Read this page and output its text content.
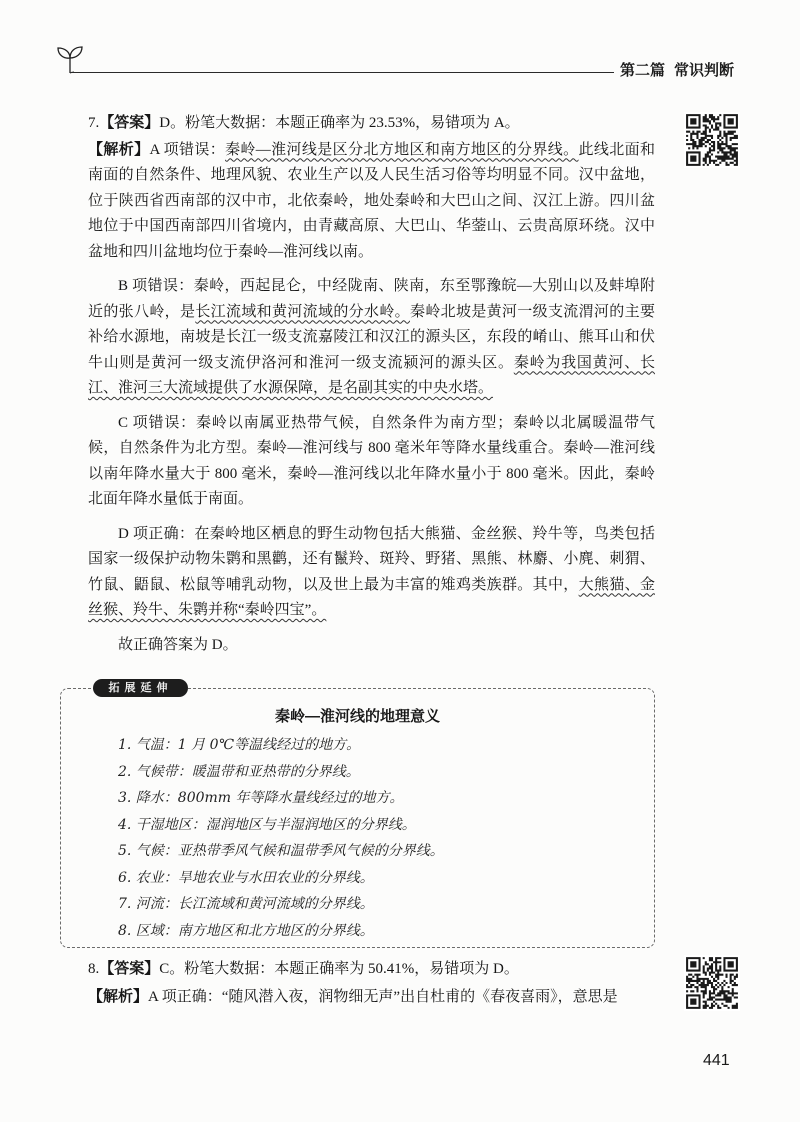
第二篇 常识判断

7.【答案】D。粉笔大数据：本题正确率为 23.53%，易错项为 A。

【解析】A 项错误：秦岭—淮河线是区分北方地区和南方地区的分界线。此线北面和南面的自然条件、地理风貌、农业生产以及人民生活习俗等均明显不同。汉中盆地，位于陕西省西南部的汉中市，北依秦岭，地处秦岭和大巴山之间、汉江上游。四川盆地位于中国西南部四川省境内，由青藏高原、大巴山、华蓥山、云贵高原环绕。汉中盆地和四川盆地均位于秦岭—淮河线以南。

B 项错误：秦岭，西起昆仑，中经陇南、陕南，东至鄂豫皖—大别山以及蚌埠附近的张八岭，是长江流域和黄河流域的分水岭。秦岭北坡是黄河一级支流渭河的主要补给水源地，南坡是长江一级支流嘉陵江和汉江的源头区，东段的崤山、熊耳山和伏牛山则是黄河一级支流伊洛河和淮河一级支流颍河的源头区。秦岭为我国黄河、长江、淮河三大流域提供了水源保障，是名副其实的中央水塔。

C 项错误：秦岭以南属亚热带气候，自然条件为南方型；秦岭以北属暖温带气候，自然条件为北方型。秦岭—淮河线与 800 毫米年等降水量线重合。秦岭—淮河线以南年降水量大于 800 毫米，秦岭—淮河线以北年降水量小于 800 毫米。因此，秦岭北面年降水量低于南面。

D 项正确：在秦岭地区栖息的野生动物包括大熊猫、金丝猴、羚牛等，鸟类包括国家一级保护动物朱鹮和黑鹳，还有鬣羚、斑羚、野猪、黑熊、林麝、小麂、刺猬、竹鼠、鼯鼠、松鼠等哺乳动物，以及世上最为丰富的雉鸡类族群。其中，大熊猫、金丝猴、羚牛、朱鹮并称“秦岭四宝”。

故正确答案为 D。

拓展延伸
秦岭—淮河线的地理意义
1. 气温：1 月 0℃等温线经过的地方。
2. 气候带：暖温带和亚热带的分界线。
3. 降水：800mm 年等降水量线经过的地方。
4. 干湿地区：湿润地区与半湿润地区的分界线。
5. 气候：亚热带季风气候和温带季风气候的分界线。
6. 农业：旱地农业与水田农业的分界线。
7. 河流：长江流域和黄河流域的分界线。
8. 区域：南方地区和北方地区的分界线。

8.【答案】C。粉笔大数据：本题正确率为 50.41%，易错项为 D。

【解析】A 项正确：“随风潜入夜，润物细无声”出自杜甫的《春夜喜雨》，意思是

441
